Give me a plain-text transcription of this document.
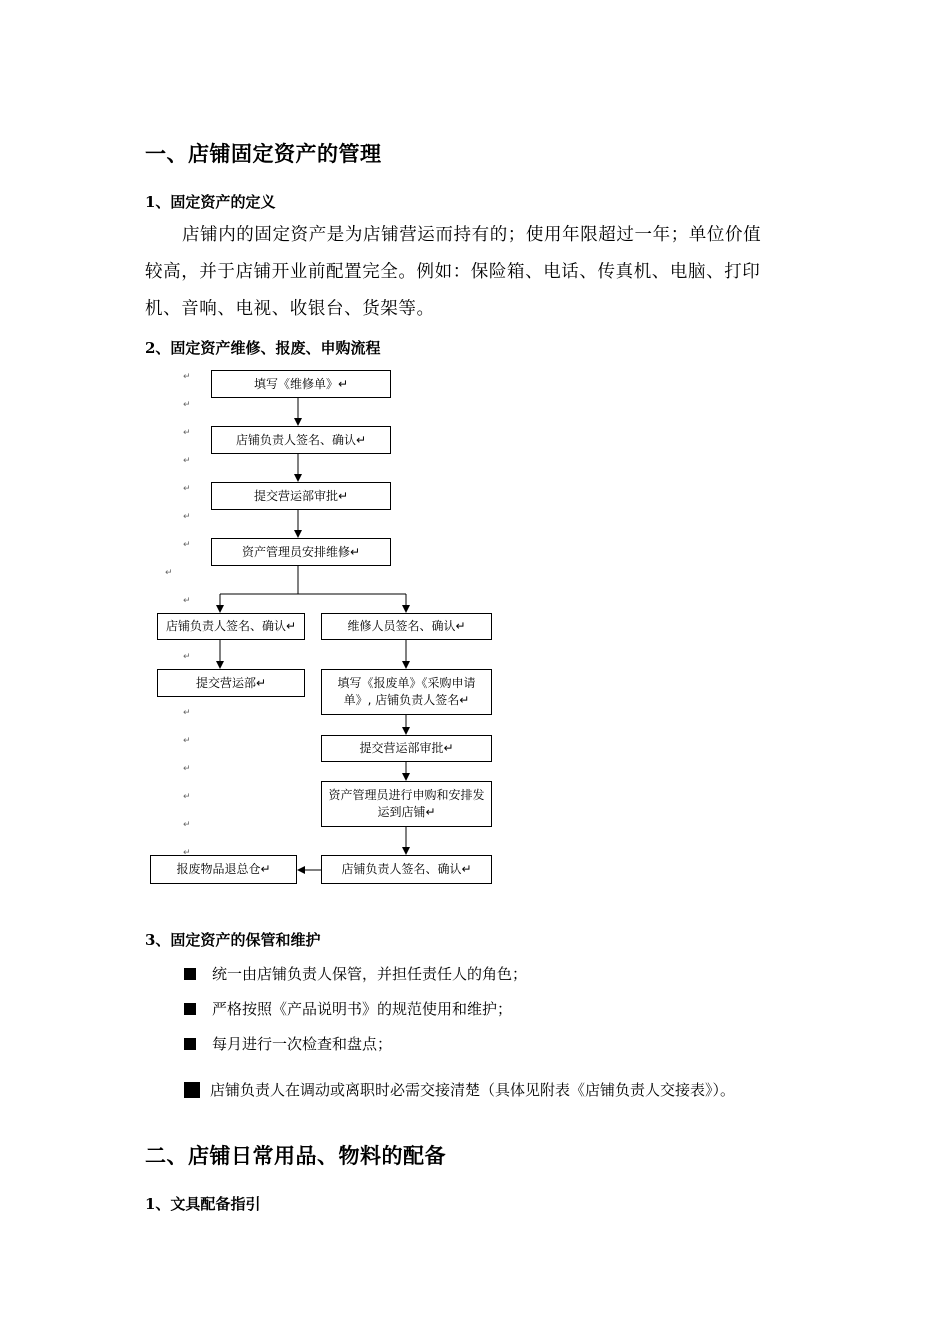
一、店铺固定资产的管理
1、固定资产的定义
店铺内的固定资产是为店铺营运而持有的；使用年限超过一年；单位价值
较高，并于店铺开业前配置完全。例如：保险箱、电话、传真机、电脑、打印
机、音响、电视、收银台、货架等。
2、固定资产维修、报废、申购流程
填写《维修单》↵
店铺负责人签名、确认↵
提交营运部审批↵
资产管理员安排维修↵
店铺负责人签名、确认↵
提交营运部↵
维修人员签名、确认↵
填写《报废单》《采购申请单》, 店铺负责人签名↵
提交营运部审批↵
资产管理员进行申购和安排发运到店铺↵
店铺负责人签名、确认↵
报废物品退总仓↵
↵
↵
↵
↵
↵
↵
↵
↵
↵
↵
↵
↵
↵
↵
↵
↵
3、固定资产的保管和维护
统一由店铺负责人保管，并担任责任人的角色；
严格按照《产品说明书》的规范使用和维护；
每月进行一次检查和盘点；
店铺负责人在调动或离职时必需交接清楚（具体见附表《店铺负责人交接表》）。
二、店铺日常用品、物料的配备
1、文具配备指引
